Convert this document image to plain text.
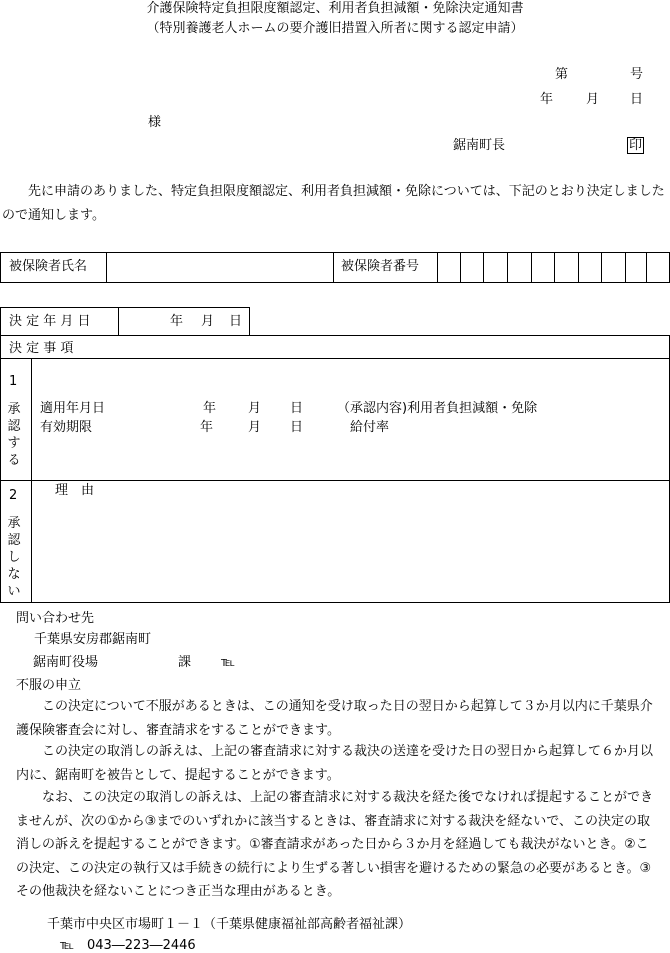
介護保険特定負担限度額認定、利用者負担減額・免除決定通知書
（特別養護老人ホームの要介護旧措置入所者に関する認定申請）
第	号
年	月 日
様
鋸南町長	印
先に申請のありました、特定負担限度額認定、利用者負担減額・免除については、下記のとおり決定しましたので通知します。
被保険者氏名	被保険者番号
決 定 年 月 日	年 月 日
決 定 事 項
1
承認する
適用年月日	年 月 日	（承認内容)利用者負担減額・免除
有効期限	年	月 日	給付率
2
承認しない
理　由
問い合わせ先
千葉県安房郡鋸南町
鋸南町役場	課 ℡
不服の申立
この決定について不服があるときは、この通知を受け取った日の翌日から起算して３か月以内に千葉県介護保険審査会に対し、審査請求をすることができます。
この決定の取消しの訴えは、上記の審査請求に対する裁決の送達を受けた日の翌日から起算して６か月以内に、鋸南町を被告として、提起することができます。
なお、この決定の取消しの訴えは、上記の審査請求に対する裁決を経た後でなければ提起することができませんが、次の①から③までのいずれかに該当するときは、審査請求に対する裁決を経ないで、この決定の取消しの訴えを提起することができます。①審査請求があった日から３か月を経過しても裁決がないとき。②この決定、この決定の執行又は手続きの続行により生ずる著しい損害を避けるための緊急の必要があるとき。③その他裁決を経ないことにつき正当な理由があるとき。
千葉市中央区市場町１－１（千葉県健康福祉部高齢者福祉課）
℡　043―223―2446
